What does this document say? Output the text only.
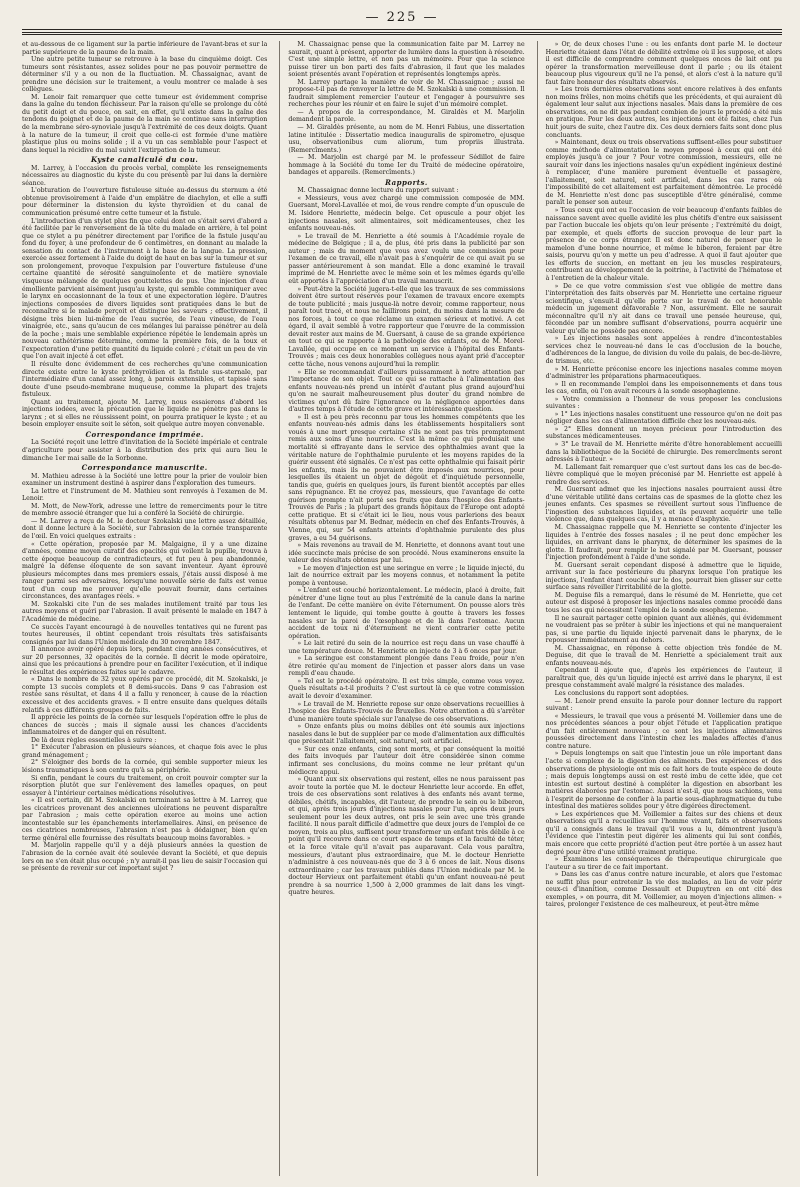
— 225 —

et au-dessous de ce ligament sur la partie inférieure de l'avant-bras et sur la partie supérieure de la paume de la main.

Une autre petite tumeur se retrouve à la base du cinquième doigt. Ces tumeurs sont résistantes, assez solides pour ne pas pouvoir permettre de déterminer s'il y a ou non de la fluctuation. M. Chassaignac, avant de prendre une décision sur le traitement, a voulu montrer ce malade à ses collègues.

M. Lenoir fait remarquer que cette tumeur est évidemment comprise dans la gaîne du tendon fléchisseur. Par la raison qu'elle se prolonge du côté du petit doigt et du pouce, on sait, en effet, qu'il existe dans la gaîne des tendons du poignet et de la paume de la main se continue sans interruption de la membrane séro-synoviale jusqu'à l'extrémité de ces deux doigts. Quant à la nature de la tumeur, il croit que celle-ci est formée d'une matière plastique plus ou moins solide ; il a vu un cas semblable pour l'aspect et dans lequel la récidive du mal suivit l'extirpation de la tumeur.

Kyste canaliculé du cou.

M. Larrey, à l'occasion du procès verbal, complète les renseignements nécessaires au diagnostic du kyste du cou présenté par lui dans la dernière séance.

L'obturation de l'ouverture fistuleuse située au-dessus du sternum a été obtenue provisoirement à l'aide d'un emplâtre de diachylon, et elle a suffi pour déterminer la distension du kyste thyroïdien et du canal de communication présumé entre cette tumeur et la fistule.

L'introduction d'un stylet plus fin que celui dont on s'était servi d'abord a été facilitée par le renversement de la tête du malade en arrière, à tel point que ce stylet a pu pénétrer directement par l'orifice de la fistule jusqu'au fond du foyer, à une profondeur de 6 centimètres, en donnant au malade la sensation du contact de l'instrument à la base de la langue. La pression, exercée assez fortement à l'aide du doigt de haut en bas sur la tumeur et sur son prolongement, provoque l'expulsion par l'ouverture fistuleuse d'une certaine quantité de sérosité sanguinolente et de matière synoviale visqueuse mélangée de quelques gouttelettes de pus. Une injection d'eau émolliente parvient aisément jusqu'au kyste, qui semble communiquer avec le larynx en occasionnant de la toux et une expectoration légère. D'autres injections composées de divers liquides sont pratiquées dans le but de reconnaître si le malade perçoit et distingue les saveurs ; effectivement, il désigne très bien lui-même de l'eau sucrée, de l'eau vineuse, de l'eau vinaigrée, etc., sans qu'aucun de ces mélanges lui paraisse pénétrer au delà de la poche ; mais une semblable expérience répétée le lendemain après un nouveau cathétérisme détermine, comme la première fois, de la toux et l'expectoration d'une petite quantité du liquide coloré ; c'était un peu de vin que l'on avait injecté à cet effet.

Il résulte donc évidemment de ces recherches qu'une communication directe existe entre le kyste préthyroïdien et la fistule sus-sternale, par l'intermédiaire d'un canal assez long, à parois extensibles, et tapissé sans doute d'une pseudo-membrane muqueuse, comme la plupart des trajets fistuleux.

Quant au traitement, ajoute M. Larrey, nous essaierons d'abord les injections iodées, avec la précaution que le liquide ne pénètre pas dans le larynx ; et si elles ne réussissent point, on pourra pratiquer le kyste ; et au besoin employer ensuite soit le séton, soit quelque autre moyen convenable.

Correspondance imprimée.

La Société reçoit une lettre d'invitation de la Société impériale et centrale d'agriculture pour assister à la distribution des prix qui aura lieu le dimanche 1er mai salle de la Sorbonne.

Correspondance manuscrite.

M. Mathieu adresse à la Société une lettre pour la prier de vouloir bien examiner un instrument destiné à aspirer dans l'exploration des tumeurs.

La lettre et l'instrument de M. Mathieu sont renvoyés à l'examen de M. Lenoir.

M. Mott, de New-York, adresse une lettre de remerciments pour le titre de membre associé étranger que lui a conféré la Société de chirurgie.

— M. Larrey a reçu de M. le docteur Szokalski une lettre assez détaillée, dont il donne lecture à la Société, sur l'abrasion de la cornée transparente de l'œil. En voici quelques extraits :

« Cette opération, proposée par M. Malgaigne, il y a une dizaine d'années, comme moyen curatif des opacités qui voilent la pupille, trouva à cette époque beaucoup de contradicteurs, et fut peu à peu abandonnée, malgré la défense éloquente de son savant inventeur. Ayant éprouvé plusieurs mécomptes dans mes premiers essais, j'étais aussi disposé à me ranger parmi ses adversaires, lorsqu'une nouvelle série de faits est venue tout d'un coup me prouver qu'elle pouvait fournir, dans certaines circonstances, des avantages réels. »

M. Szokalski cite l'un de ses malades inutilement traité par tous les autres moyens et guéri par l'abrasion. Il avait présenté le malade en 1847 à l'Académie de médecine.

Ce succès l'ayant encouragé à de nouvelles tentatives qui ne furent pas toutes heureuses, il obtint cependant trois résultats très satisfaisants consignés par lui dans l'Union médicale du 30 novembre 1847.

Il annonce avoir opéré depuis lors, pendant cinq années consécutives, et sur 20 personnes, 32 opacités de la cornée. Il décrit le mode opératoire, ainsi que les précautions à prendre pour en faciliter l'exécution, et il indique le résultat des expériences faites sur le cadavre.

« Dans le nombre de 32 yeux opérés par ce procédé, dit M. Szokalski, je compte 13 succès complets et 8 demi-succès. Dans 9 cas l'abrasion est restée sans résultat, et dans 4 il a fallu y renoncer, à cause de la réaction excessive et des accidents graves. » Il entre ensuite dans quelques détails relatifs à ces différents groupes de faits.

Il apprécie les points de la cornée sur lesquels l'opération offre le plus de chances de succès ; mais il signale aussi les chances d'accidents inflammatoires et de danger qui en résultent.

De là deux règles essentielles à suivre :

1° Exécuter l'abrasion en plusieurs séances, et chaque fois avec le plus grand ménagement ;

2° S'éloigner des bords de la cornée, qui semble supporter mieux les lésions traumatiques à son centre qu'à sa périphérie.

Si enfin, pendant le cours du traitement, on croit pouvoir compter sur la résorption plutôt que sur l'enlèvement des lamelles opaques, on peut essayer à l'intérieur certaines médications résolutives.

« Il est certain, dit M. Szokalski en terminant sa lettre à M. Larrey, que les cicatrices provenant des anciennes ulcérations ne peuvent disparaître par l'abrasion ; mais cette opération exerce au moins une action incontestable sur les épanchements interlamellaires. Ainsi, en présence de ces cicatrices nombreuses, l'abrasion n'est pas à dédaigner, bien qu'en terme général elle fournisse des résultats beaucoup moins favorables. »

M. Marjolin rappelle qu'il y a déjà plusieurs années la question de l'abrasion de la cornée avait été soulevée devant la Société, et que depuis lors on ne s'en était plus occupé ; n'y aurait-il pas lieu de saisir l'occasion qui se présente de revenir sur cet important sujet ?

M. Chassaignac pense que la communication faite par M. Larrey ne saurait, quant à présent, apporter de lumière dans la question à résoudre. C'est une simple lettre, et non pas un mémoire. Pour que la science puisse tirer un bon parti des faits d'abrasion, il faut que les malades soient présentés avant l'opération et représentés longtemps après.

M. Larrey partage la manière de voir de M. Chassaignac ; aussi ne propose-t-il pas de renvoyer la lettre de M. Szokalski à une commission. Il faudrait simplement remercier l'auteur et l'engager à poursuivre ses recherches pour les réunir et en faire le sujet d'un mémoire complet.

— A propos de la correspondance, M. Giraldès et M. Marjolin demandent la parole.

— M. Giraldès présente, au nom de M. Henri Fabius, une dissertation latine intitulée : Dissertatio medica inauguralis de spirometro, ejusque usu, observationibus cum aliorum, tum propriis illustrata. (Remercîments.)

— M. Marjolin est chargé par M. le professeur Sédillot de faire hommage à la Société du tome Ier du Traité de médecine opératoire, bandages et appareils. (Remercîments.)

Rapports.

M. Chassaignac donne lecture du rapport suivant :

« Messieurs, vous avez chargé une commission composée de MM. Guersant, Morel-Lavallée et moi, de vous rendre compte d'un opuscule de M. Isidore Henriette, médecin belge. Cet opuscule a pour objet les injections nasales, soit alimentaires, soit médicamenteuses, chez les enfants nouveau-nés.

» Le travail de M. Henriette a été soumis à l'Académie royale de médecine de Belgique ; il a, de plus, été pris dans la publicité par son auteur ; mais du moment que vous avez voulu une commission pour l'examen de ce travail, elle n'avait pas à s'enquérir de ce qui avait pu se passer antérieurement à son mandat. Elle a donc examiné le travail imprimé de M. Henriette avec le même soin et les mêmes égards qu'elle eût apportés à l'appréciation d'un travail manuscrit.

» Peut-être la Société jugera-t-elle que les travaux de ses commissions doivent être surtout réservés pour l'examen de travaux encore exempts de toute publicité ; mais jusque-là notre devoir, comme rapporteur, nous paraît tout tracé, et nous ne faillirons point, du moins dans la mesure de nos forces, à tout ce que réclame un examen sérieux et motivé. A cet égard, il avait semblé à votre rapporteur que l'œuvre de la commission devait rester aux mains de M. Guersant, à cause de sa grande expérience en tout ce qui se rapporte à la pathologie des enfants, ou de M. Morel-Lavallée, qui occupe en ce moment un service à l'hôpital des Enfants-Trouvés ; mais ces deux honorables collègues nous ayant prié d'accepter cette tâche, nous venons aujourd'hui la remplir.

» Elle se recommandait d'ailleurs puissamment à notre attention par l'importance de son objet. Tout ce qui se rattache à l'alimentation des enfants nouveau-nés prend un intérêt d'autant plus grand aujourd'hui qu'on ne saurait malheureusement plus douter du grand nombre de victimes qu'ont dû faire l'ignorance ou la négligence apportées dans d'autres temps à l'étude de cette grave et intéressante question.

» Il est à peu près reconnu par tous les hommes compétents que les enfants nouveau-nés admis dans les établissements hospitaliers sont voués à une mort presque certaine s'ils ne sont pas très promptement remis aux soins d'une nourrice. C'est là même ce qui produisait une mortalité si effrayante dans le service des ophthalmies avant que la véritable nature de l'ophthalmie purulente et les moyens rapides de la guérir eussent été signalés. Ce n'est pas cette ophthalmie qui faisait périr les enfants, mais ils ne pouvaient être imposés aux nourrices, pour lesquelles ils étaient un objet de dégoût et d'inquiétude personnelle, tandis que, guéris en quelques jours, ils furent bientôt acceptés par elles sans répugnance. Et ne croyez pas, messieurs, que l'avantage de cette guérison prompte n'ait porté ses fruits que dans l'hospice des Enfants-Trouvés de Paris ; la plupart des grands hôpitaux de l'Europe ont adopté cette pratique. Et si c'était ici le lieu, nous vous parlerions des beaux résultats obtenus par M. Bednar, médecin en chef des Enfants-Trouvés, à Vienne, qui, sur 54 enfants atteints d'ophthalmie purulente des plus graves, a eu 54 guérisons.

» Mais revenons au travail de M. Henriette, et donnons avant tout une idée succincte mais précise de son procédé. Nous examinerons ensuite la valeur des résultats obtenus par lui.

» Le moyen d'injection est une seringue en verre ; le liquide injecté, du lait de nourrice extrait par les moyens connus, et notamment la petite pompe à ventouse.

» L'enfant est couché horizontalement. Le médecin, placé à droite, fait pénétrer d'une ligne tout au plus l'extrémité de la canule dans la narine de l'enfant. De cette manière on évite l'éternument. On pousse alors très lentement le liquide, qui tombe goutte à goutte à travers les fosses nasales sur la paroi de l'œsophage et de là dans l'estomac. Aucun accident de toux ni d'éternument ne vient contrarier cette petite opération.

» Le lait retiré du sein de la nourrice est reçu dans un vase chauffé à une température douce. M. Henriette en injecte de 3 à 6 onces par jour.

» La seringue est constamment plongée dans l'eau froide, pour n'en être retirée qu'au moment de l'injection et passer alors dans un vase rempli d'eau chaude.

» Tel est le procédé opératoire. Il est très simple, comme vous voyez. Quels résultats a-t-il produits ? C'est surtout là ce que votre commission avait le devoir d'examiner.

» Le travail de M. Henriette repose sur onze observations recueillies à l'hospice des Enfants-Trouvés de Bruxelles. Notre attention a dû s'arrêter d'une manière toute spéciale sur l'analyse de ces observations.

» Onze enfants plus ou moins débiles ont été soumis aux injections nasales dans le but de suppléer par ce mode d'alimentation aux difficultés que présentait l'allaitement, soit naturel, soit artificiel.

» Sur ces onze enfants, cinq sont morts, et par conséquent la moitié des faits invoqués par l'auteur doit être considérée sinon comme infirmant ses conclusions, du moins comme ne leur prêtant qu'un médiocre appui.

» Quant aux six observations qui restent, elles ne nous paraissent pas avoir toute la portée que M. le docteur Henriette leur accorde. En effet, trois de ces observations sont relatives à des enfants nés avant terme, débiles, chétifs, incapables, dit l'auteur, de prendre le sein ou le biberon, et qui, après trois jours d'injections nasales pour l'un, après deux jours seulement pour les deux autres, ont pris le sein avec une très grande facilité. Il nous paraît difficile d'admettre que deux jours de l'emploi de ce moyen, trois au plus, suffisent pour transformer un enfant très débile à ce point qu'il recouvre dans ce court espace de temps et la faculté de téter, et la force vitale qu'il n'avait pas auparavant. Cela vous paraîtra, messieurs, d'autant plus extraordinaire, que M. le docteur Henriette n'administre à ces nouveau-nés que de 3 à 6 onces de lait. Nous disons extraordinaire ; car les travaux publiés dans l'Union médicale par M. le docteur Hervieux ont parfaitement établi qu'un enfant nouveau-né peut prendre à sa nourrice 1,500 à 2,000 grammes de lait dans les vingt-quatre heures.

» Or, de deux choses l'une : ou les enfants dont parle M. le docteur Henriette étaient dans l'état de débilité extrême où il les suppose, et alors il est difficile de comprendre comment quelques onces de lait ont pu opérer la transformation merveilleuse dont il parle ; ou ils étaient beaucoup plus vigoureux qu'il ne l'a pensé, et alors c'est à la nature qu'il faut faire honneur des résultats observés.

» Les trois dernières observations sont encore relatives à des enfants non moins frêles, non moins chétifs que les précédents, et qui auraient dû également leur salut aux injections nasales. Mais dans la première de ces observations, on ne dit pas pendant combien de jours le procédé a été mis en pratique. Pour les deux autres, les injections ont été faites, chez l'un huit jours de suite, chez l'autre dix. Ces deux derniers faits sont donc plus concluants.

» Maintenant, deux ou trois observations suffisent-elles pour substituer comme méthode d'alimentation le moyen proposé à ceux qui ont été employés jusqu'à ce jour ? Pour votre commission, messieurs, elle ne saurait voir dans les injections nasales qu'un expédient ingénieux destiné à remplacer, d'une manière purement éventuelle et passagère, l'allaitement, soit naturel, soit artificiel, dans les cas rares où l'impossibilité de cet allaitement est parfaitement démontrée. Le procédé de M. Henriette n'est donc pas susceptible d'être généralisé, comme paraît le penser son auteur.

» Tous ceux qui ont eu l'occasion de voir beaucoup d'enfants faibles de naissance savent avec quelle avidité les plus chétifs d'entre eux saisissent par l'action buccale les objets qu'on leur présente ; l'extrémité du doigt, par exemple, et quels efforts de succion provoque de leur part la présence de ce corps étranger. Il est donc naturel de penser que le mamelon d'une bonne nourrice, et même le biberon, feraient par être saisis, pourvu qu'on y mette un peu d'adresse. A quoi il faut ajouter que les efforts de succion, en mettant en jeu les muscles respirateurs, contribuent au développement de la poitrine, à l'activité de l'hématose et à l'entretien de la chaleur vitale.

» De ce que votre commission s'est vue obligée de mettre dans l'interprétation des faits observés par M. Henriette une certaine rigueur scientifique, s'ensuit-il qu'elle porte sur le travail de cet honorable médecin un jugement défavorable ? Non, assurément. Elle ne saurait méconnaître qu'il n'y ait dans ce travail une pensée heureuse, qui, fécondée par un nombre suffisant d'observations, pourra acquérir une valeur qu'elle ne possède pas encore.

» Les injections nasales sont appelées à rendre d'incontestables services chez le nouveau-né dans le cas d'occlusion de la bouche, d'adhérences de la langue, de division du voile du palais, de bec-de-lièvre, de trismus, etc.

» M. Henriette préconise encore les injections nasales comme moyen d'administrer les préparations pharmaceutiques.

» Il en recommande l'emploi dans les empoisonnements et dans tous les cas, enfin, où l'on avait recours à la sonde œsophagienne.

» Votre commission a l'honneur de vous proposer les conclusions suivantes :

» 1° Les injections nasales constituent une ressource qu'on ne doit pas négliger dans les cas d'alimentation difficile chez les nouveau-nés.

» 2° Elles donnent un moyen précieux pour l'introduction des substances médicamenteuses.

» 3° Le travail de M. Henriette mérite d'être honorablement accueilli dans la bibliothèque de la Société de chirurgie. Des remercîments seront adressés à l'auteur. »

M. Lallemant fait remarquer que c'est surtout dans les cas de bec-de-lièvre compliqué que le moyen préconisé par M. Henriette est appelé à rendre des services.

M. Guersant admet que les injections nasales pourraient aussi être d'une véritable utilité dans certains cas de spasmes de la glotte chez les jeunes enfants. Ces spasmes se réveillent surtout sous l'influence de l'ingestion des substances liquides, et ils peuvent acquérir une telle violence que, dans quelques cas, il y a menace d'asphyxie.

M. Chassaignac rappelle que M. Henriette se contente d'injecter les liquides à l'entrée des fosses nasales ; il ne peut donc empêcher les liquides, en arrivant dans le pharynx, de déterminer les spasmes de la glotte. Il faudrait, pour remplir le but signalé par M. Guersant, pousser l'injection profondément à l'aide d'une sonde.

M. Guersant serait cependant disposé à admettre que le liquide, arrivant sur la face postérieure du pharynx lorsque l'on pratique les injections, l'enfant étant couché sur le dos, pourrait bien glisser sur cette surface sans réveiller l'irritabilité de la glotte.

M. Deguise fils a remarqué, dans le résumé de M. Henriette, que cet auteur est disposé à proposer les injections nasales comme procédé dans tous les cas qui nécessitent l'emploi de la sonde œsophagienne.

Il ne saurait partager cette opinion quant aux aliénés, qui évidemment ne voudraient pas se prêter à subir les injections et qui ne manqueraient pas, si une partie du liquide injecté parvenait dans le pharynx, de le repousser immédiatement au dehors.

M. Chassaignac, en réponse à cette objection très fondée de M. Deguise, dit que le travail de M. Henriette a spécialement trait aux enfants nouveau-nés.

Cependant il ajoute que, d'après les expériences de l'auteur, il paraîtrait que, dès qu'un liquide injecté est arrivé dans le pharynx, il est presque constamment avalé malgré la résistance des malades.

Les conclusions du rapport sont adoptées.

— M. Lenoir prend ensuite la parole pour donner lecture du rapport suivant :

« Messieurs, le travail que vous a présenté M. Voillemier dans une de nos précédentes séances a pour objet l'étude et l'application pratique d'un fait entièrement nouveau ; ce sont les injections alimentaires poussées directement dans l'intestin chez les malades affectés d'anus contre nature.

» Depuis longtemps on sait que l'intestin joue un rôle important dans l'acte si complexe de la digestion des aliments. Des expériences et des observations de physiologie ont mis ce fait hors de toute espèce de doute ; mais depuis longtemps aussi on est resté imbu de cette idée, que cet intestin est surtout destiné à compléter la digestion en absorbant les matières élaborées par l'estomac. Aussi n'est-il, que nous sachions, venu à l'esprit de personne de confier à la partie sous-diaphragmatique du tube intestinal des matières solides pour y être digérées directement.

» Les expériences que M. Voillemier a faites sur des chiens et deux observations qu'il a recueillies sur l'homme vivant, faits et observations qu'il a consignés dans le travail qu'il vous a lu, démontrent jusqu'à l'évidence que l'intestin peut digérer les aliments qui lui sont confiés, mais encore que cette propriété d'action peut être portée à un assez haut degré pour être d'une utilité vraiment pratique.

» Examinons les conséquences de thérapeutique chirurgicale que l'auteur a su tirer de ce fait important.

» Dans les cas d'anus contre nature incurable, et alors que l'estomac ne suffit plus pour entretenir la vie des malades, au lieu de voir périr ceux-ci d'inanition, comme Dessault et Dupuytren en ont cité des exemples, » on pourra, dit M. Voillemier, au moyen d'injections alimen- » taires, prolonger l'existence de ces malheureux, et peut-être même
